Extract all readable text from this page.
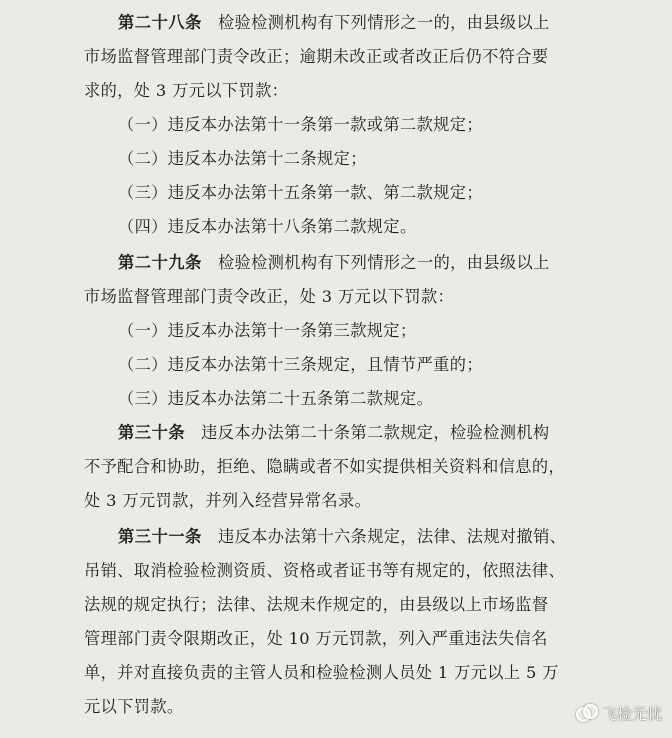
第二十八条 检验检测机构有下列情形之一的，由县级以上
市场监督管理部门责令改正；逾期未改正或者改正后仍不符合要
求的，处 3 万元以下罚款：
（一）违反本办法第十一条第一款或第二款规定；
（二）违反本办法第十二条规定；
（三）违反本办法第十五条第一款、第二款规定；
（四）违反本办法第十八条第二款规定。
第二十九条 检验检测机构有下列情形之一的，由县级以上
市场监督管理部门责令改正，处 3 万元以下罚款：
（一）违反本办法第十一条第三款规定；
（二）违反本办法第十三条规定，且情节严重的；
（三）违反本办法第二十五条第二款规定。
第三十条 违反本办法第二十条第二款规定，检验检测机构
不予配合和协助，拒绝、隐瞒或者不如实提供相关资料和信息的，
处 3 万元罚款，并列入经营异常名录。
第三十一条 违反本办法第十六条规定，法律、法规对撤销、
吊销、取消检验检测资质、资格或者证书等有规定的，依照法律、
法规的规定执行；法律、法规未作规定的，由县级以上市场监督
管理部门责令限期改正，处 10 万元罚款，列入严重违法失信名
单，并对直接负责的主管人员和检验检测人员处 1 万元以上 5 万
元以下罚款。	飞检无忧
